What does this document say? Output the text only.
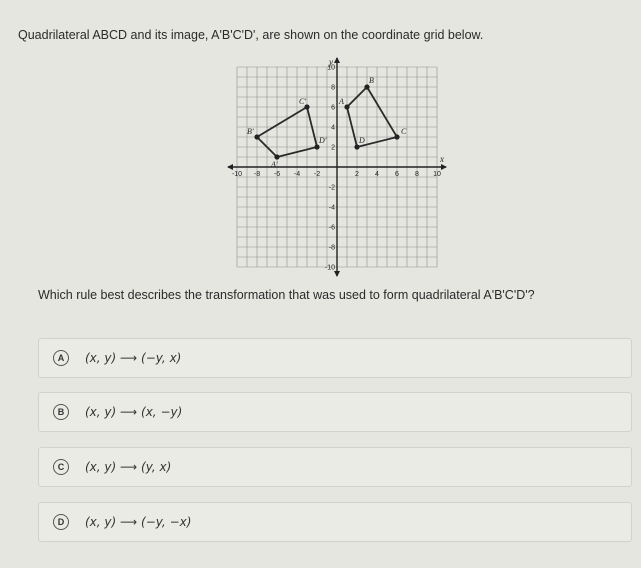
Quadrilateral ABCD and its image, A'B'C'D', are shown on the coordinate grid below.
x
y
-10 -8 -6 -4 -2	2 4 6 8 10
10
8
6
4
2
-2
-4
-6
-8
-10
A
B
C
D
A'
B'
C'
D'
Which rule best describes the transformation that was used to form quadrilateral A'B'C'D'?
A	(x, y) ⟶ (−y, x)
B	(x, y) ⟶ (x, −y)
C	(x, y) ⟶ (y, x)
D	(x, y) ⟶ (−y, −x)
